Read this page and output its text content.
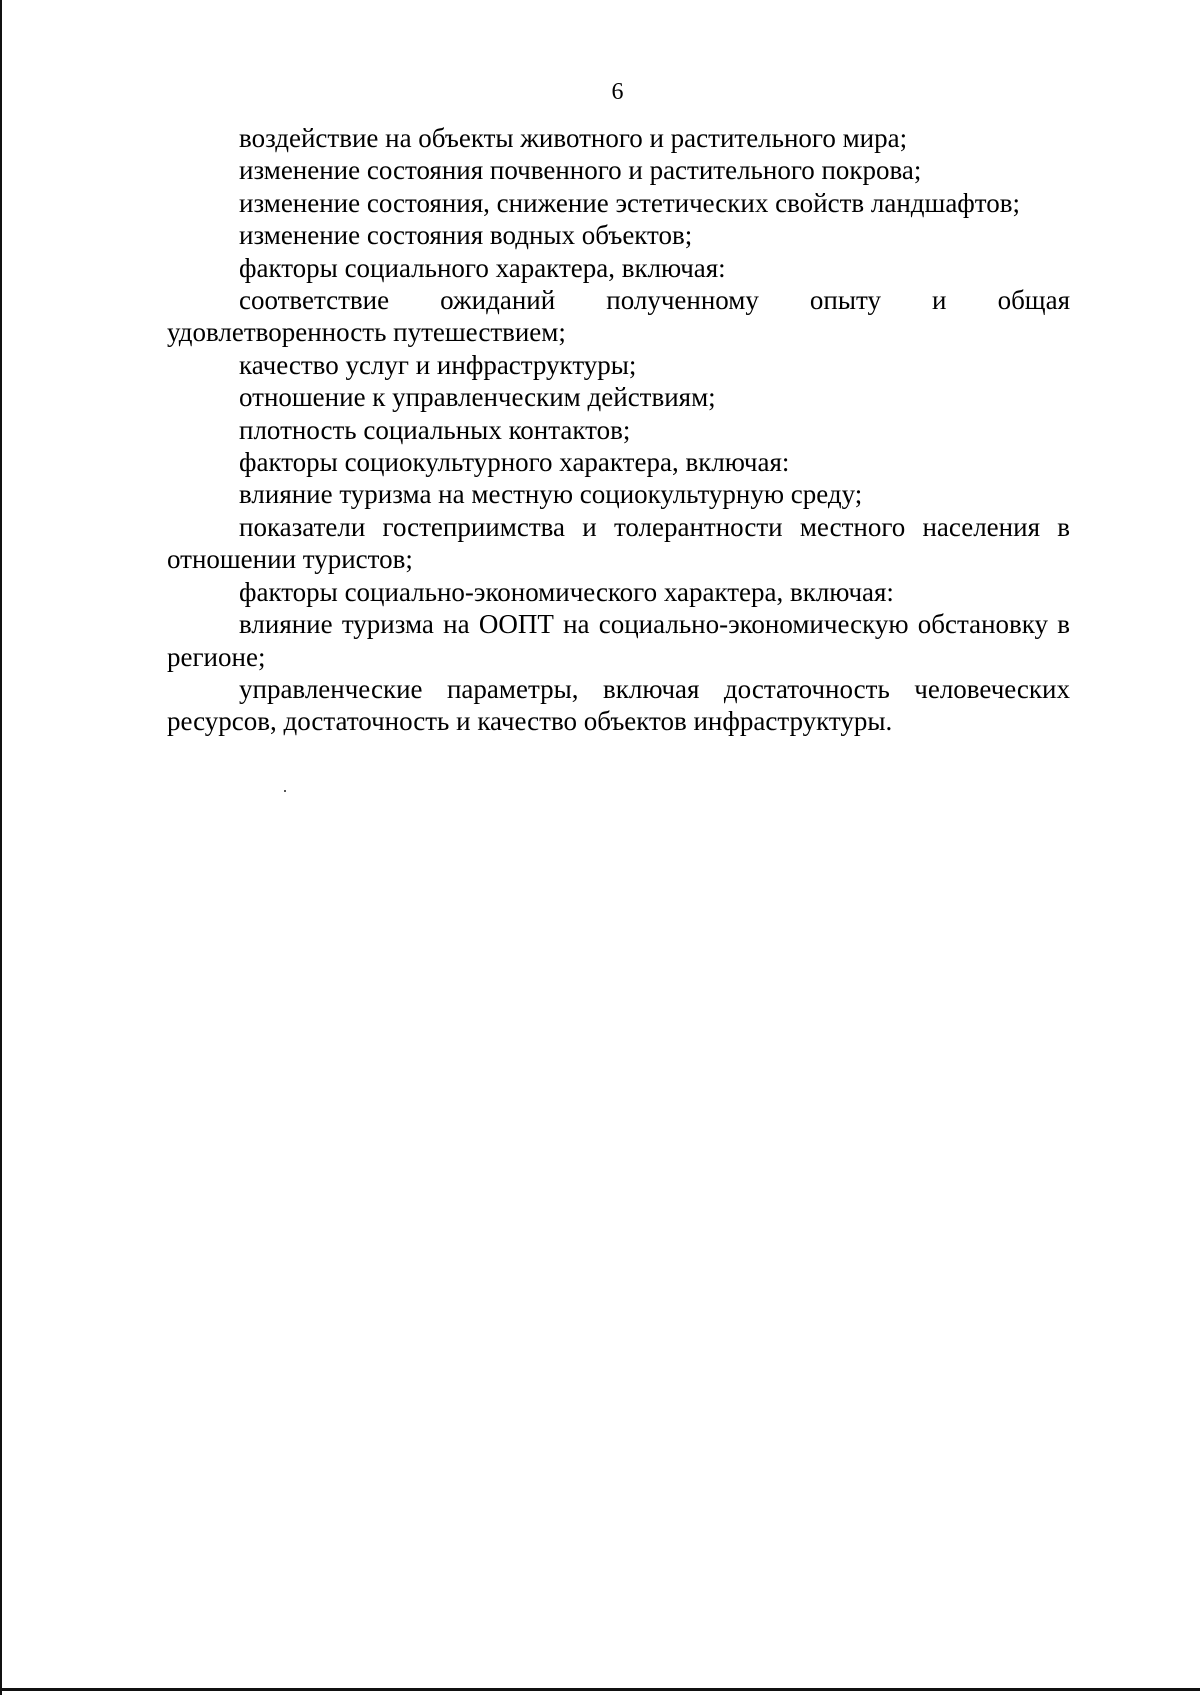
6

воздействие на объекты животного и растительного мира;

изменение состояния почвенного и растительного покрова;

изменение состояния, снижение эстетических свойств ландшафтов;

изменение состояния водных объектов;

факторы социального характера, включая:

соответствие ожиданий полученному опыту и общая удовлетворенность путешествием;

качество услуг и инфраструктуры;

отношение к управленческим действиям;

плотность социальных контактов;

факторы социокультурного характера, включая:

влияние туризма на местную социокультурную среду;

показатели гостеприимства и толерантности местного населения в отношении туристов;

факторы социально-экономического характера, включая:

влияние туризма на ООПТ на социально-экономическую обстановку в регионе;

управленческие параметры, включая достаточность человеческих ресурсов, достаточность и качество объектов инфраструктуры.
